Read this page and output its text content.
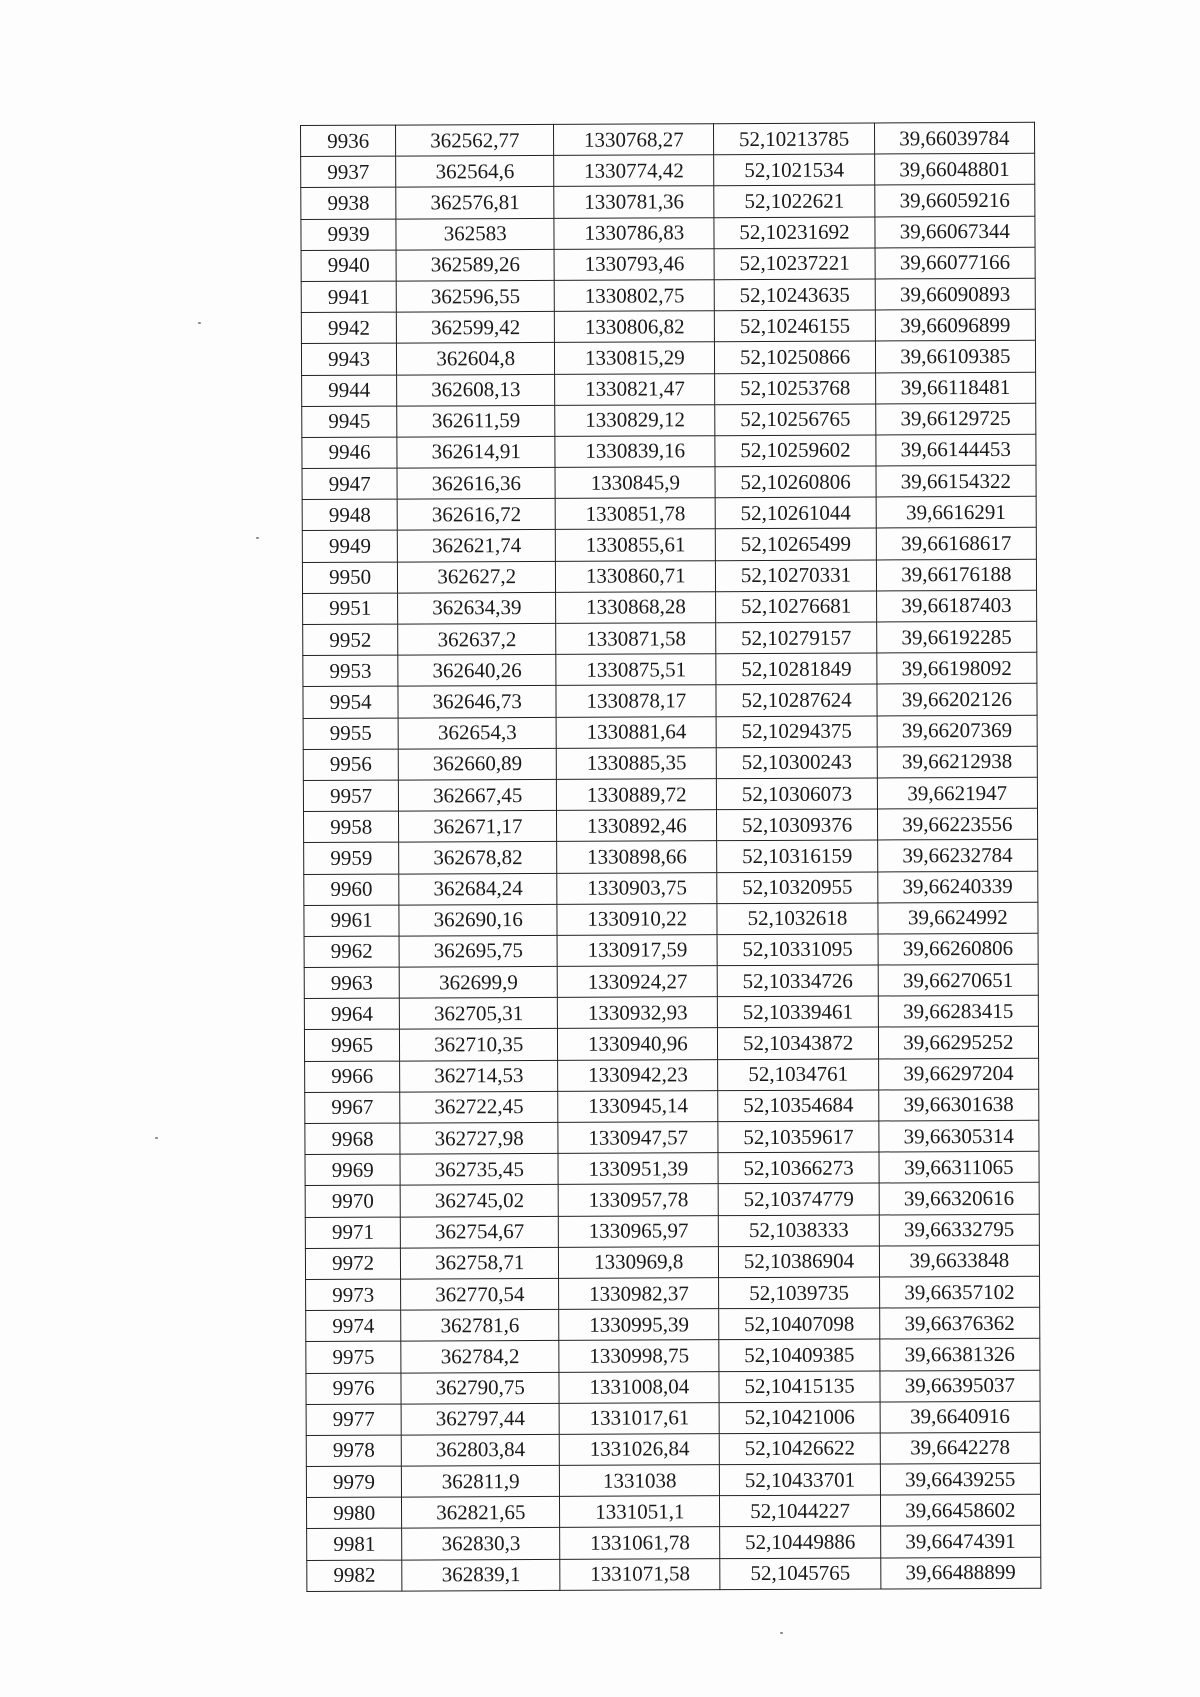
9936	362562,77	1330768,27	52,10213785	39,66039784
9937	362564,6	1330774,42	52,1021534	39,66048801
9938	362576,81	1330781,36	52,1022621	39,66059216
9939	362583	1330786,83	52,10231692	39,66067344
9940	362589,26	1330793,46	52,10237221	39,66077166
9941	362596,55	1330802,75	52,10243635	39,66090893
9942	362599,42	1330806,82	52,10246155	39,66096899
9943	362604,8	1330815,29	52,10250866	39,66109385
9944	362608,13	1330821,47	52,10253768	39,66118481
9945	362611,59	1330829,12	52,10256765	39,66129725
9946	362614,91	1330839,16	52,10259602	39,66144453
9947	362616,36	1330845,9	52,10260806	39,66154322
9948	362616,72	1330851,78	52,10261044	39,6616291
9949	362621,74	1330855,61	52,10265499	39,66168617
9950	362627,2	1330860,71	52,10270331	39,66176188
9951	362634,39	1330868,28	52,10276681	39,66187403
9952	362637,2	1330871,58	52,10279157	39,66192285
9953	362640,26	1330875,51	52,10281849	39,66198092
9954	362646,73	1330878,17	52,10287624	39,66202126
9955	362654,3	1330881,64	52,10294375	39,66207369
9956	362660,89	1330885,35	52,10300243	39,66212938
9957	362667,45	1330889,72	52,10306073	39,6621947
9958	362671,17	1330892,46	52,10309376	39,66223556
9959	362678,82	1330898,66	52,10316159	39,66232784
9960	362684,24	1330903,75	52,10320955	39,66240339
9961	362690,16	1330910,22	52,1032618	39,6624992
9962	362695,75	1330917,59	52,10331095	39,66260806
9963	362699,9	1330924,27	52,10334726	39,66270651
9964	362705,31	1330932,93	52,10339461	39,66283415
9965	362710,35	1330940,96	52,10343872	39,66295252
9966	362714,53	1330942,23	52,1034761	39,66297204
9967	362722,45	1330945,14	52,10354684	39,66301638
9968	362727,98	1330947,57	52,10359617	39,66305314
9969	362735,45	1330951,39	52,10366273	39,66311065
9970	362745,02	1330957,78	52,10374779	39,66320616
9971	362754,67	1330965,97	52,1038333	39,66332795
9972	362758,71	1330969,8	52,10386904	39,6633848
9973	362770,54	1330982,37	52,1039735	39,66357102
9974	362781,6	1330995,39	52,10407098	39,66376362
9975	362784,2	1330998,75	52,10409385	39,66381326
9976	362790,75	1331008,04	52,10415135	39,66395037
9977	362797,44	1331017,61	52,10421006	39,6640916
9978	362803,84	1331026,84	52,10426622	39,6642278
9979	362811,9	1331038	52,10433701	39,66439255
9980	362821,65	1331051,1	52,1044227	39,66458602
9981	362830,3	1331061,78	52,10449886	39,66474391
9982	362839,1	1331071,58	52,1045765	39,66488899
